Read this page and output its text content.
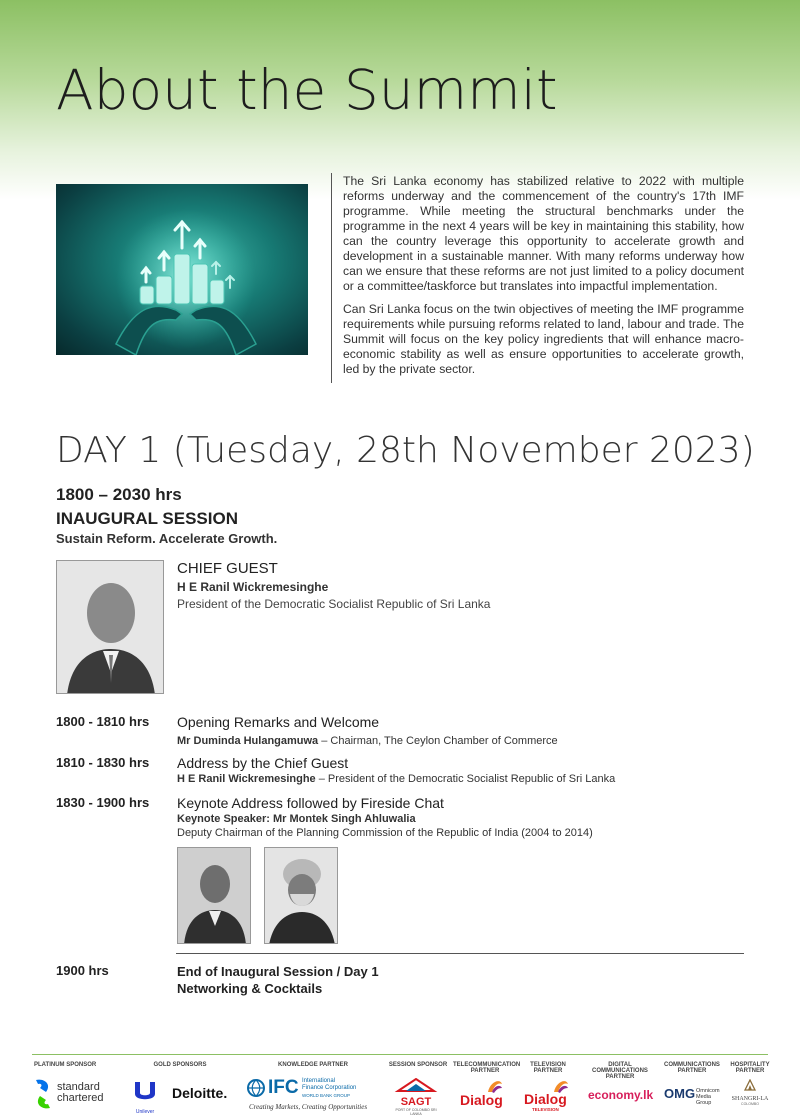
About the Summit

The Sri Lanka economy has stabilized relative to 2022 with multiple reforms underway and the commencement of the country's 17th IMF programme. While meeting the structural benchmarks under the programme in the next 4 years will be key in maintaining this stability, how can the country leverage this opportunity to accelerate growth and development in a sustainable manner. With many reforms underway how can we ensure that these reforms are not just limited to a policy document or a committee/taskforce but translates into impactful implementation.

Can Sri Lanka focus on the twin objectives of meeting the IMF programme requirements while pursuing reforms related to land, labour and trade. The Summit will focus on the key policy ingredients that will enhance macro-economic stability as well as ensure opportunities to accelerate growth, led by the private sector.

DAY 1 (Tuesday, 28th November 2023)
1800 – 2030 hrs
INAUGURAL SESSION
Sustain Reform. Accelerate Growth.
CHIEF GUEST
H E Ranil Wickremesinghe
President of the Democratic Socialist Republic of Sri Lanka
1800 - 1810 hrs Opening Remarks and Welcome
Mr Duminda Hulangamuwa – Chairman, The Ceylon Chamber of Commerce
1810 - 1830 hrs Address by the Chief Guest
H E Ranil Wickremesinghe – President of the Democratic Socialist Republic of Sri Lanka
1830 - 1900 hrs Keynote Address followed by Fireside Chat
Keynote Speaker: Mr Montek Singh Ahluwalia
Deputy Chairman of the Planning Commission of the Republic of India (2004 to 2014)
1900 hrs	End of Inaugural Session / Day 1
Networking & Cocktails
PLATINUM SPONSOR	GOLD SPONSORS	KNOWLEDGE PARTNER	SESSION SPONSOR TELECOMMUNICATION PARTNER
TELEVISION PARTNER
DIGITAL COMMUNICATIONS PARTNER
COMMUNICATIONS PARTNER
HOSPITALITY PARTNER
standard
chartered
Unilever
Deloitte. IFC International
Finance Corporation
WORLD BANK GROUP
Creating Markets, Creating Opportunities	SAGT
PORT OF COLOMBO SRI LANKA
Dialog Dialog
TELEVISION
economy.lk OMG Omnicom
Media Group
SHANGRI-LA
COLOMBO
